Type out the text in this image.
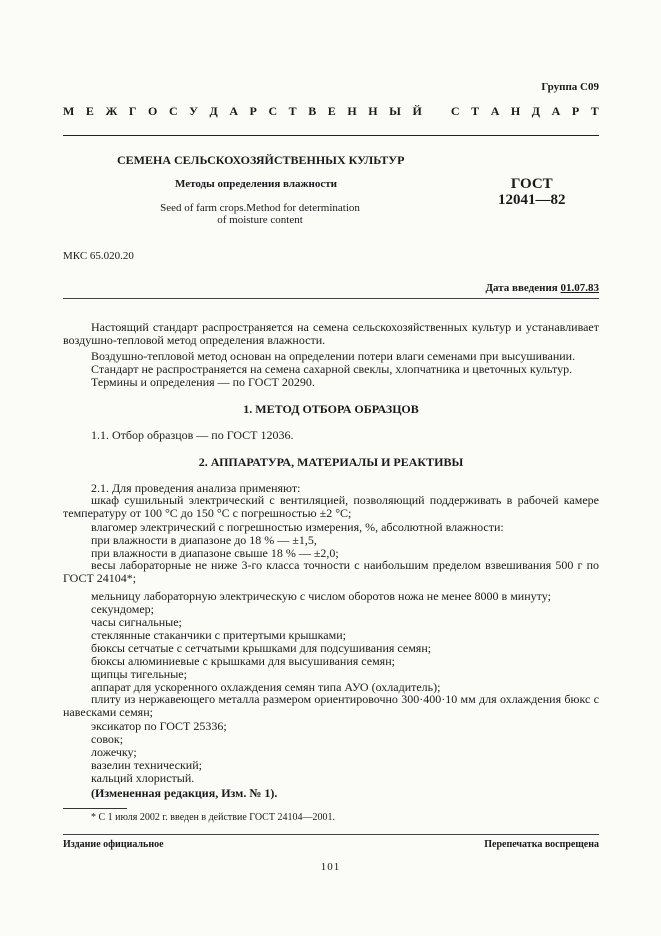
Группа С09
М Е Ж Г О С У Д А Р С Т В Е Н Н Ы Й С Т А Н Д А Р Т
СЕМЕНА СЕЛЬСКОХОЗЯЙСТВЕННЫХ КУЛЬТУР
Методы определения влажности
Seed of farm crops.Method for determination
of moisture content
ГОСТ
12041—82
МКС 65.020.20
Дата введения 01.07.83
Настоящий стандарт распространяется на семена сельскохозяйственных культур и устанавливает воздушно-тепловой метод определения влажности.
Воздушно-тепловой метод основан на определении потери влаги семенами при высушивании.
Стандарт не распространяется на семена сахарной свеклы, хлопчатника и цветочных культур.
Термины и определения — по ГОСТ 20290.
1. МЕТОД ОТБОРА ОБРАЗЦОВ
1.1. Отбор образцов — по ГОСТ 12036.
2. АППАРАТУРА, МАТЕРИАЛЫ И РЕАКТИВЫ
2.1. Для проведения анализа применяют:
шкаф сушильный электрический с вентиляцией, позволяющий поддерживать в рабочей камере температуру от 100 °С до 150 °С с погрешностью ±2 °С;
влагомер электрический с погрешностью измерения, %, абсолютной влажности:
при влажности в диапазоне до 18 % — ±1,5,
при влажности в диапазоне свыше 18 % — ±2,0;
весы лабораторные не ниже 3-го класса точности с наибольшим пределом взвешивания 500 г по ГОСТ 24104*;
мельницу лабораторную электрическую с числом оборотов ножа не менее 8000 в минуту;
секундомер;
часы сигнальные;
стеклянные стаканчики с притертыми крышками;
бюксы сетчатые с сетчатыми крышками для подсушивания семян;
бюксы алюминиевые с крышками для высушивания семян;
щипцы тигельные;
аппарат для ускоренного охлаждения семян типа АУО (охладитель);
плиту из нержавеющего металла размером ориентировочно 300·400·10 мм для охлаждения бюкс с навесками семян;
эксикатор по ГОСТ 25336;
совок;
ложечку;
вазелин технический;
кальций хлористый.
(Измененная редакция, Изм. № 1).
* С 1 июля 2002 г. введен в действие ГОСТ 24104—2001.
Издание официальное	Перепечатка воспрещена
101
